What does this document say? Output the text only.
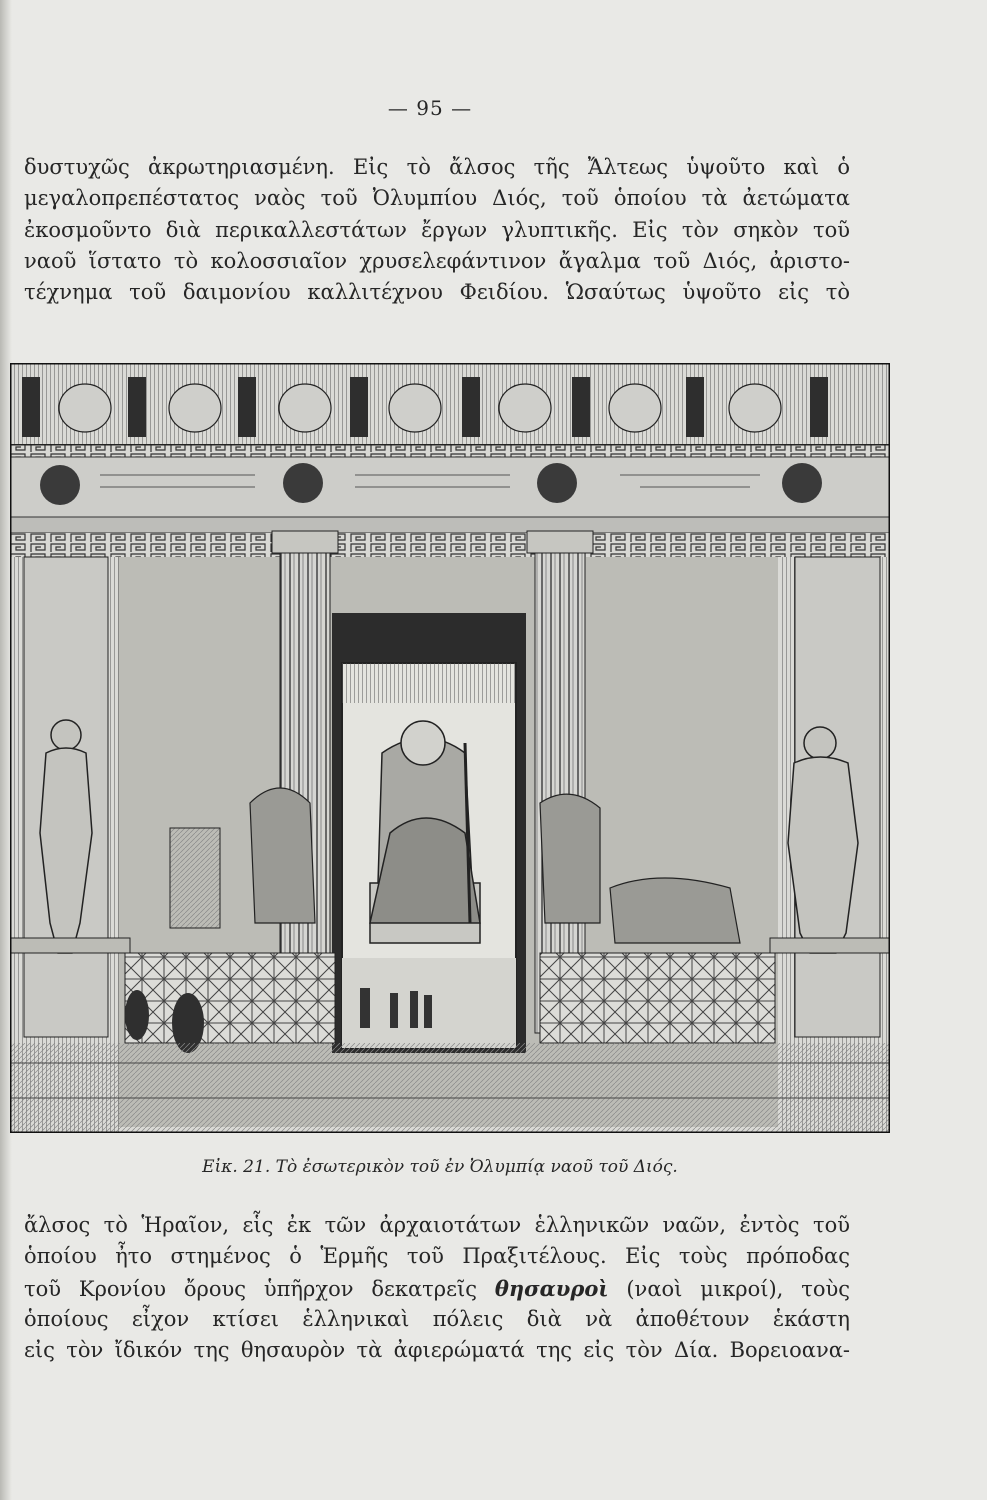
— 95 —
δυστυχῶς ἀκρωτηριασμένη. Εἰς τὸ ἄλσος τῆς Ἄλτεως ὑψοῦτο καὶ ὁ
μεγαλοπρεπέστατος ναὸς τοῦ Ὀλυμπίου Διός, τοῦ ὁποίου τὰ ἀετώματα
ἐκοσμοῦντο διὰ περικαλλεστάτων ἔργων γλυπτικῆς. Εἰς τὸν σηκὸν τοῦ
ναοῦ ἵστατο τὸ κολοσσιαῖον χρυσελεφάντινον ἄγαλμα τοῦ Διός, ἀριστο-
τέχνημα τοῦ δαιμονίου καλλιτέχνου Φειδίου. Ὡσαύτως ὑψοῦτο εἰς τὸ
Εἰκ. 21. Τὸ ἐσωτερικὸν τοῦ ἐν Ὀλυμπίᾳ ναοῦ τοῦ Διός.
ἄλσος τὸ Ἡραῖον, εἷς ἐκ τῶν ἀρχαιοτάτων ἑλληνικῶν ναῶν, ἐντὸς τοῦ
ὁποίου ἦτο στημένος ὁ Ἑρμῆς τοῦ Πραξιτέλους. Εἰς τοὺς πρόποδας
τοῦ Κρονίου ὄρους ὑπῆρχον δεκατρεῖς θησαυροὶ (ναοὶ μικροί), τοὺς
ὁποίους εἶχον κτίσει ἑλληνικαὶ πόλεις διὰ νὰ ἀποθέτουν ἑκάστη
εἰς τὸν ἴδικόν της θησαυρὸν τὰ ἀφιερώματά της εἰς τὸν Δία. Βορειοανα-
